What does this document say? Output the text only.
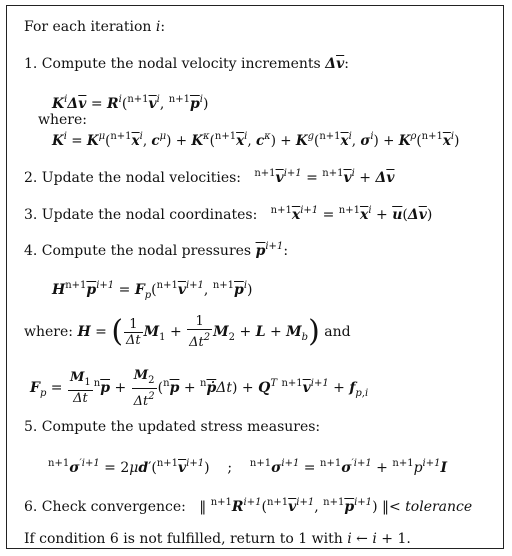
For each iteration i:
1. Compute the nodal velocity increments $\Delta\overline{v}$:
$K^i\Delta\overline{v} = R^i(^{n+1}\overline{v}^i$, $^{n+1}\overline{p}^i$)
where:
$K^i = K^\mu(^{n+1}\overline{x}^i$, $c^\mu) + K^\kappa(^{n+1}\overline{x}^i$, $c^\kappa) + K^g(^{n+1}\overline{x}^i$, $\sigma^i) + K^\rho(^{n+1}\overline{x}^i)$
2. Update the nodal velocities:   $^{n+1}\overline{v}^{i+1} = ^{n+1}\overline{v}^i + \Delta\overline{v}$
3. Update the nodal coordinates:   $^{n+1}\overline{x}^{i+1} = ^{n+1}\overline{x}^i + \overline{u}(\Delta\overline{v})$
4. Compute the nodal pressures $\overline{p}^{i+1}$:
$H^{n+1}\overline{p}^{i+1} = F_p(^{n+1}\overline{v}^{i+1}$, $^{n+1}\overline{p}^i$)
where: H = ( $\frac{1}{\Delta t} M_1 + \frac{1}{\Delta t^2} M_2 + L + M_b$) and
$F_p = \frac{M_1}{\Delta t} ^n\overline{p} + \frac{M_2}{\Delta t^2} (^n\overline{p} + ^n\overline{ṗ}\Delta t) + Q^T$ $^{n+1}\overline{v}^{i+1} + f_{p,i}$
5. Compute the updated stress measures:
$^{n+1}\sigma^{'i+1} = 2\mu d'(^{n+1}\overline{v}^{i+1})$    ;    $^{n+1}\sigma^{i+1} = ^{n+1}\sigma^{'i+1} + ^{n+1}p^{i+1}I$
6. Check convergence:   ‖ $^{n+1}R^{i+1}(^{n+1}\overline{v}^{i+1}$, $^{n+1}\overline{p}^{i+1}$) ‖< tolerance
If condition 6 is not fulfilled, return to 1 with i ← i + 1.
